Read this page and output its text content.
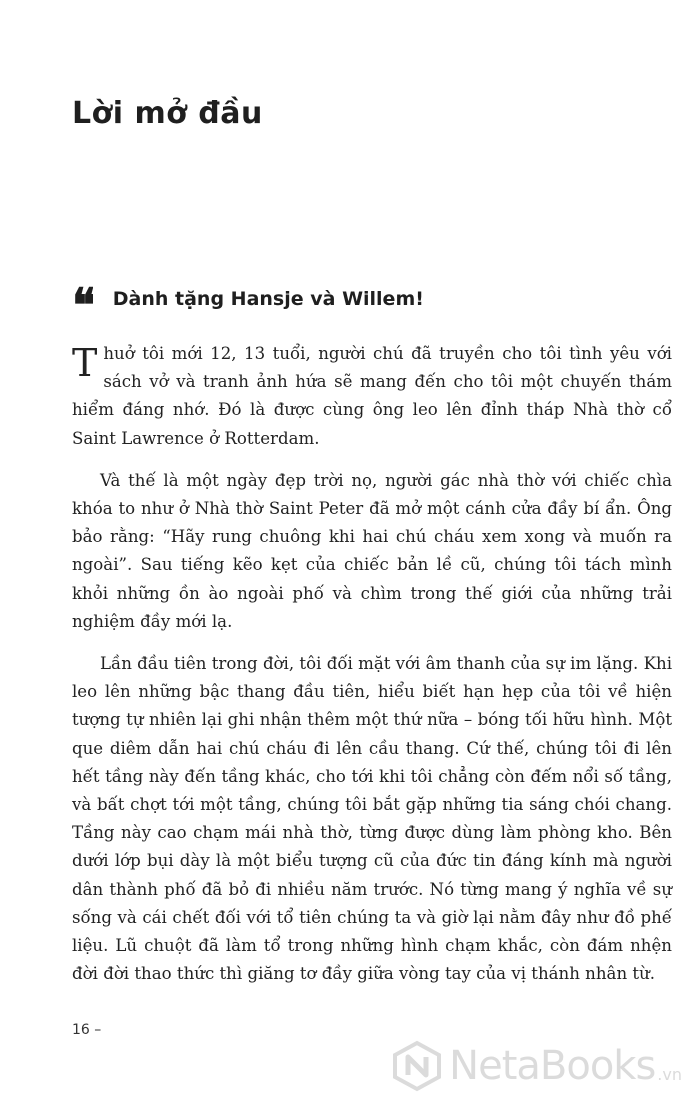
Lời mở đầu
❝ Dành tặng Hansje và Willem!

Thuở tôi mới 12, 13 tuổi, người chú đã truyền cho tôi tình yêu với sách vở và tranh ảnh hứa sẽ mang đến cho tôi một chuyến thám hiểm đáng nhớ. Đó là được cùng ông leo lên đỉnh tháp Nhà thờ cổ Saint Lawrence ở Rotterdam.

Và thế là một ngày đẹp trời nọ, người gác nhà thờ với chiếc chìa khóa to như ở Nhà thờ Saint Peter đã mở một cánh cửa đầy bí ẩn. Ông bảo rằng: “Hãy rung chuông khi hai chú cháu xem xong và muốn ra ngoài”. Sau tiếng kẽo kẹt của chiếc bản lề cũ, chúng tôi tách mình khỏi những ồn ào ngoài phố và chìm trong thế giới của những trải nghiệm đầy mới lạ.

Lần đầu tiên trong đời, tôi đối mặt với âm thanh của sự im lặng. Khi leo lên những bậc thang đầu tiên, hiểu biết hạn hẹp của tôi về hiện tượng tự nhiên lại ghi nhận thêm một thứ nữa – bóng tối hữu hình. Một que diêm dẫn hai chú cháu đi lên cầu thang. Cứ thế, chúng tôi đi lên hết tầng này đến tầng khác, cho tới khi tôi chẳng còn đếm nổi số tầng, và bất chợt tới một tầng, chúng tôi bắt gặp những tia sáng chói chang. Tầng này cao chạm mái nhà thờ, từng được dùng làm phòng kho. Bên dưới lớp bụi dày là một biểu tượng cũ của đức tin đáng kính mà người dân thành phố đã bỏ đi nhiều năm trước. Nó từng mang ý nghĩa về sự sống và cái chết đối với tổ tiên chúng ta và giờ lại nằm đây như đồ phế liệu. Lũ chuột đã làm tổ trong những hình chạm khắc, còn đám nhện đời đời thao thức thì giăng tơ đầy giữa vòng tay của vị thánh nhân từ.

16 –
NetaBooks .vn
